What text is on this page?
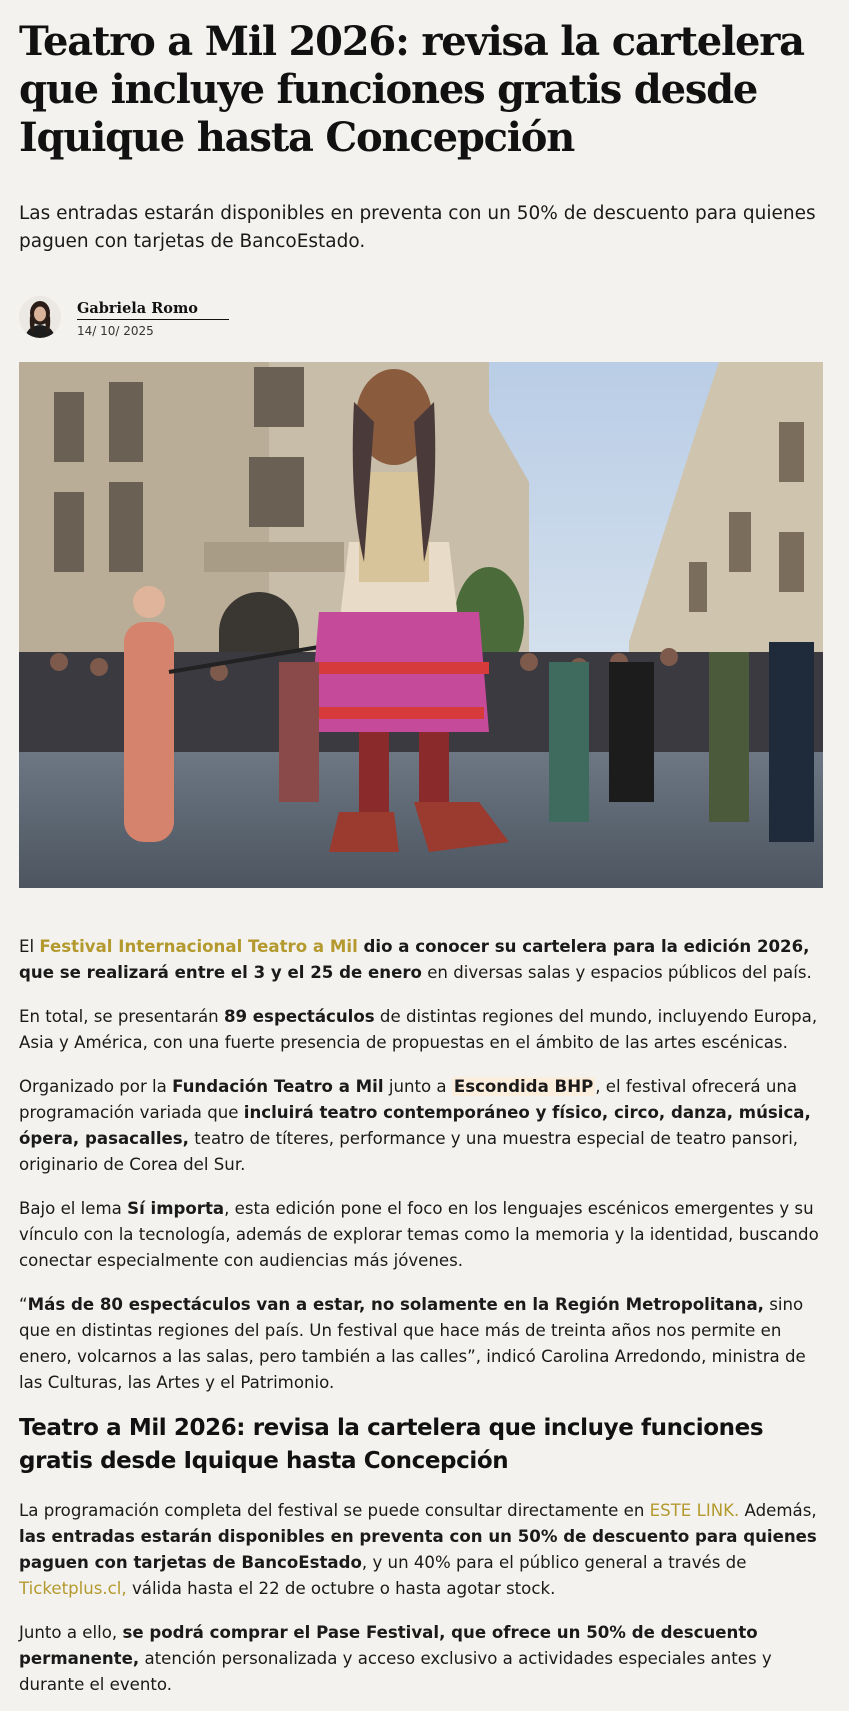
Teatro a Mil 2026: revisa la cartelera que incluye funciones gratis desde Iquique hasta Concepción

Las entradas estarán disponibles en preventa con un 50% de descuento para quienes paguen con tarjetas de BancoEstado.

Gabriela Romo
14/ 10/ 2025

El Festival Internacional Teatro a Mil dio a conocer su cartelera para la edición 2026, que se realizará entre el 3 y el 25 de enero en diversas salas y espacios públicos del país.

En total, se presentarán 89 espectáculos de distintas regiones del mundo, incluyendo Europa, Asia y América, con una fuerte presencia de propuestas en el ámbito de las artes escénicas.

Organizado por la Fundación Teatro a Mil junto a Escondida BHP , el festival ofrecerá una programación variada que incluirá teatro contemporáneo y físico, circo, danza, música, ópera, pasacalles, teatro de títeres, performance y una muestra especial de teatro pansori, originario de Corea del Sur.

Bajo el lema Sí importa, esta edición pone el foco en los lenguajes escénicos emergentes y su vínculo con la tecnología, además de explorar temas como la memoria y la identidad, buscando conectar especialmente con audiencias más jóvenes.

“Más de 80 espectáculos van a estar, no solamente en la Región Metropolitana, sino que en distintas regiones del país. Un festival que hace más de treinta años nos permite en enero, volcarnos a las salas, pero también a las calles”, indicó Carolina Arredondo, ministra de las Culturas, las Artes y el Patrimonio.

Teatro a Mil 2026: revisa la cartelera que incluye funciones gratis desde Iquique hasta Concepción

La programación completa del festival se puede consultar directamente en ESTE LINK. Además, las entradas estarán disponibles en preventa con un 50% de descuento para quienes paguen con tarjetas de BancoEstado, y un 40% para el público general a través de Ticketplus.cl, válida hasta el 22 de octubre o hasta agotar stock.

Junto a ello, se podrá comprar el Pase Festival, que ofrece un 50% de descuento permanente, atención personalizada y acceso exclusivo a actividades especiales antes y durante el evento.
